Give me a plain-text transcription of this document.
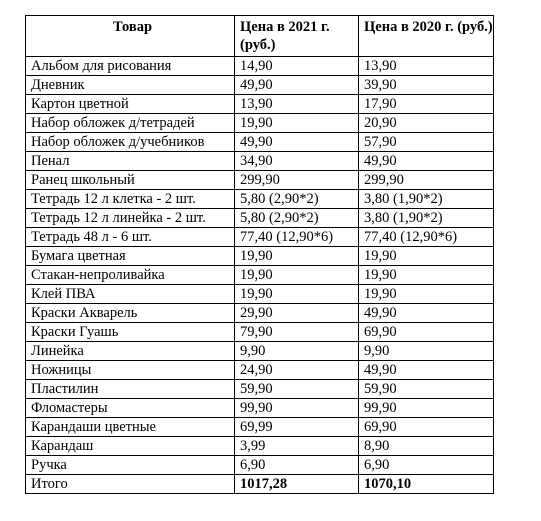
Товар	Цена в 2021 г. (руб.)	Цена в 2020 г. (руб.)
Альбом для рисования	14,90	13,90
Дневник	49,90	39,90
Картон цветной	13,90	17,90
Набор обложек д/тетрадей	19,90	20,90
Набор обложек д/учебников	49,90	57,90
Пенал	34,90	49,90
Ранец школьный	299,90	299,90
Тетрадь 12 л клетка - 2 шт.	5,80 (2,90*2)	3,80 (1,90*2)
Тетрадь 12 л линейка - 2 шт.	5,80 (2,90*2)	3,80 (1,90*2)
Тетрадь 48 л - 6 шт.	77,40 (12,90*6)	77,40 (12,90*6)
Бумага цветная	19,90	19,90
Стакан-непроливайка	19,90	19,90
Клей ПВА	19,90	19,90
Краски Акварель	29,90	49,90
Краски Гуашь	79,90	69,90
Линейка	9,90	9,90
Ножницы	24,90	49,90
Пластилин	59,90	59,90
Фломастеры	99,90	99,90
Карандаши цветные	69,99	69,90
Карандаш	3,99	8,90
Ручка	6,90	6,90
Итого	1017,28	1070,10
